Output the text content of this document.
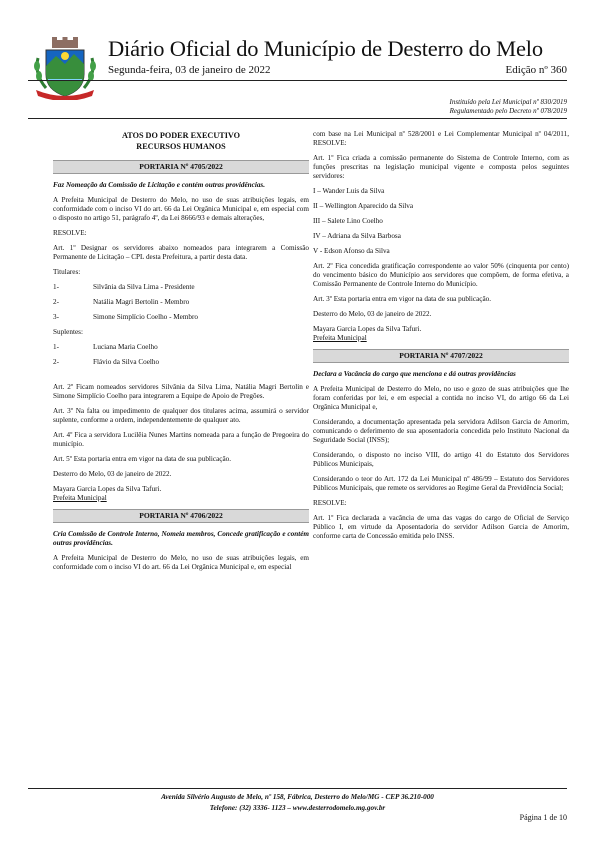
Diário Oficial do Município de Desterro do Melo
Segunda-feira, 03 de janeiro de 2022	Edição nº 360
Instituído pela Lei Municipal nº 830/2019
Regulamentado pelo Decreto nº 078/2019

ATOS DO PODER EXECUTIVO
RECURSOS HUMANOS

PORTARIA Nº 4705/2022

Faz Nomeação da Comissão de Licitação e contém outras providências.

A Prefeita Municipal de Desterro do Melo, no uso de suas atribuições legais, em conformidade com o inciso VI do art. 66 da Lei Orgânica Municipal e, em especial com o disposto no artigo 51, parágrafo 4º, da Lei 8666/93 e demais alterações,

RESOLVE:

Art. 1º Designar os servidores abaixo nomeados para integrarem a Comissão Permanente de Licitação – CPL desta Prefeitura, a partir desta data.

Titulares:

1-	Silvânia da Silva Lima - Presidente
2-	Natália Magri Bertolin - Membro
3-	Simone Simplício Coelho - Membro

Suplentes:

1-	Luciana Maria Coelho
2-	Flávio da Silva Coelho

Art. 2º Ficam nomeados servidores Silvânia da Silva Lima, Natália Magri Bertolin e Simone Simplício Coelho para integrarem a Equipe de Apoio de Pregões.

Art. 3º Na falta ou impedimento de qualquer dos titulares acima, assumirá o servidor suplente, conforme a ordem, independentemente de qualquer ato.

Art. 4º Fica a servidora Lucilêia Nunes Martins nomeada para a função de Pregoeira do município.

Art. 5º Esta portaria entra em vigor na data de sua publicação.

Desterro do Melo, 03 de janeiro de 2022.

Mayara Garcia Lopes da Silva Tafuri.
Prefeita Municipal
PORTARIA Nº 4706/2022

Cria Comissão de Controle Interno, Nomeia membros, Concede gratificação e contém outras providências.

A Prefeita Municipal de Desterro do Melo, no uso de suas atribuições legais, em conformidade com o inciso VI do art. 66 da Lei Orgânica Municipal e, em especial

com base na Lei Municipal nº 528/2001 e Lei Complementar Municipal nº 04/2011, RESOLVE:

Art. 1º Fica criada a comissão permanente do Sistema de Controle Interno, com as funções prescritas na legislação municipal vigente e composta pelos seguintes servidores:

I – Wander Luis da Silva

II – Wellington Aparecido da Silva

III – Salete Lino Coelho

IV – Adriana da Silva Barbosa

V - Edson Afonso da Silva

Art. 2º Fica concedida gratificação correspondente ao valor 50% (cinquenta por cento) do vencimento básico do Município aos servidores que compõem, de forma efetiva, a Comissão Permanente de Controle Interno do Município.

Art. 3º Esta portaria entra em vigor na data de sua publicação.

Desterro do Melo, 03 de janeiro de 2022.

Mayara Garcia Lopes da Silva Tafuri.
Prefeita Municipal
PORTARIA Nº 4707/2022

Declara a Vacância do cargo que menciona e dá outras providências

A Prefeita Municipal de Desterro do Melo, no uso e gozo de suas atribuições que lhe foram conferidas por lei, e em especial a contida no inciso VI, do artigo 66 da Lei Orgânica Municipal e,

Considerando, a documentação apresentada pela servidora Adilson Garcia de Amorim, comunicando o deferimento de sua aposentadoria concedida pelo Instituto Nacional da Seguridade Social (INSS);

Considerando, o disposto no inciso VIII, do artigo 41 do Estatuto dos Servidores Públicos Municipais,

Considerando o teor do Art. 172 da Lei Municipal nº 486/99 – Estatuto dos Servidores Públicos Municipais, que remete os servidores ao Regime Geral da Previdência Social;

RESOLVE:

Art. 1º Fica declarada a vacância de uma das vagas do cargo de Oficial de Serviço Público I, em virtude da Aposentadoria do servidor Adilson Garcia de Amorim, conforme carta de Concessão emitida pelo INSS.

Avenida Silvério Augusto de Melo, nº 158, Fábrica, Desterro do Melo/MG - CEP 36.210-000
Telefone: (32) 3336- 1123 – www.desterrodomelo.mg.gov.br
Página 1 de 10
